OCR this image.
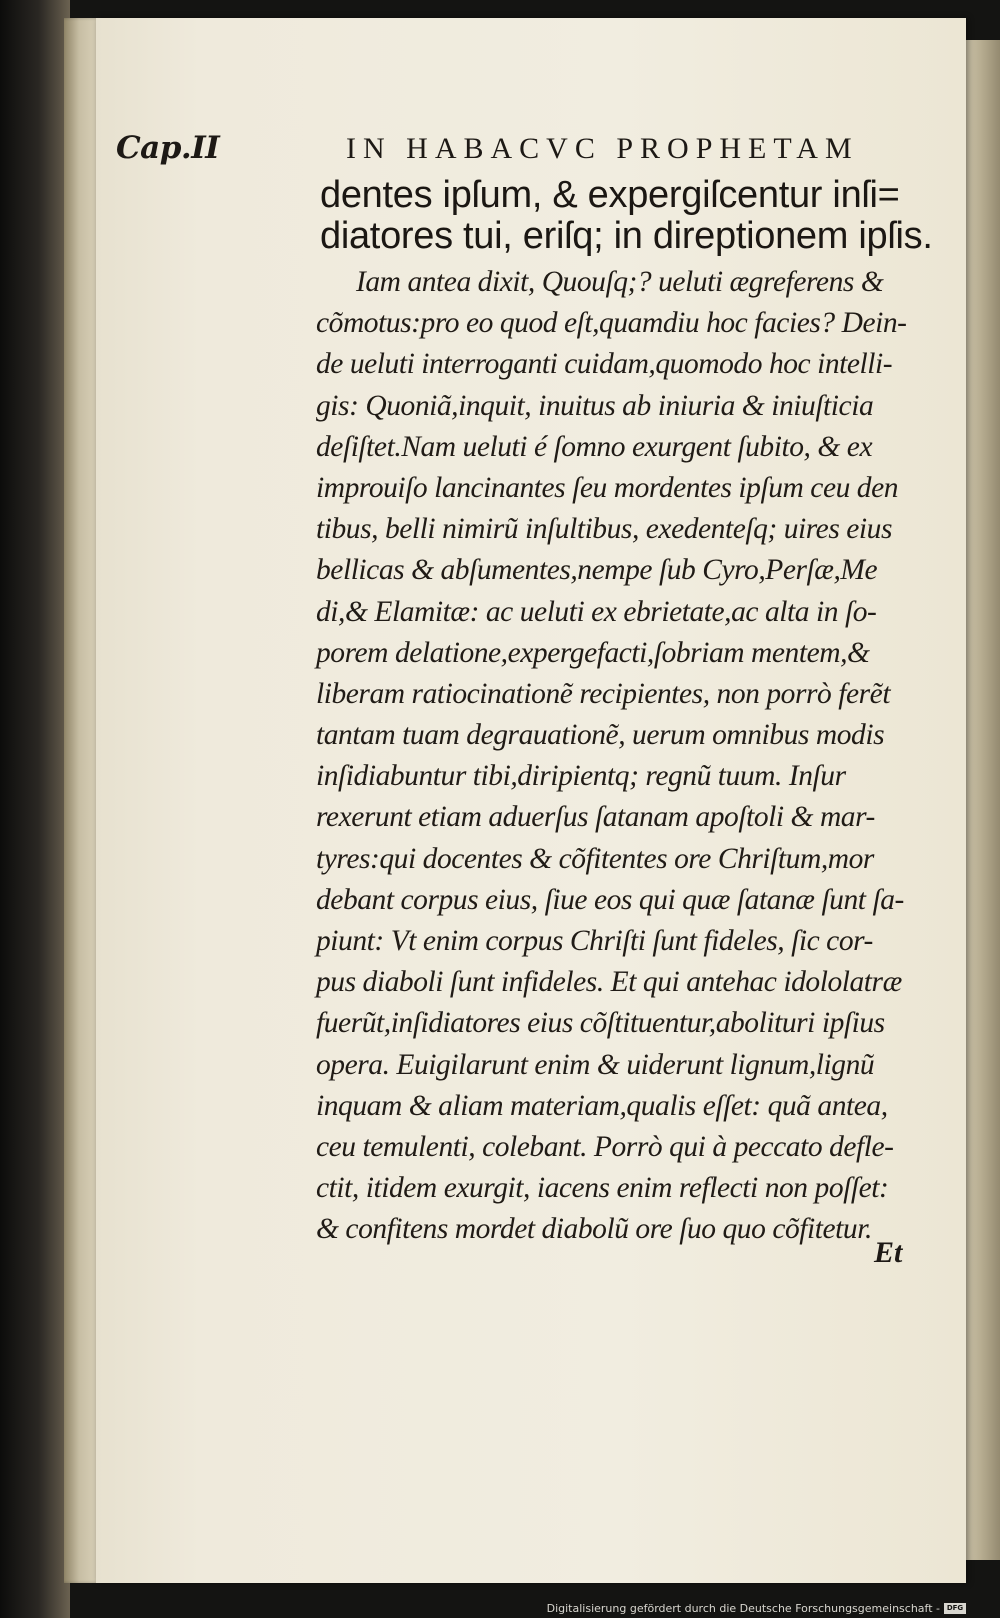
Cap.II	IN HABACVC PROPHETAM
dentes ipſum, & expergiſcentur inſi=
diatores tui, eriſq; in direptionem ipſis.
Iam antea dixit, Quouſq;? ueluti ægreferens &
cõmotus:pro eo quod eſt,quamdiu hoc facies? Dein-
de ueluti interroganti cuidam,quomodo hoc intelli-
gis: Quoniã,inquit, inuitus ab iniuria & iniuſticia
deſiſtet.Nam ueluti é ſomno exurgent ſubito, & ex
improuiſo lancinantes ſeu mordentes ipſum ceu den
tibus, belli nimirũ inſultibus, exedenteſq; uires eius
bellicas & abſumentes,nempe ſub Cyro,Perſæ,Me
di,& Elamitæ: ac ueluti ex ebrietate,ac alta in ſo-
porem delatione,expergefacti,ſobriam mentem,&
liberam ratiocinationẽ recipientes, non porrò ferẽt
tantam tuam degrauationẽ, uerum omnibus modis
inſidiabuntur tibi,diripientq; regnũ tuum. Inſur
rexerunt etiam aduerſus ſatanam apoſtoli & mar-
tyres:qui docentes & cõfitentes ore Chriſtum,mor
debant corpus eius, ſiue eos qui quæ ſatanæ ſunt ſa-
piunt: Vt enim corpus Chriſti ſunt fideles, ſic cor-
pus diaboli ſunt infideles. Et qui antehac idololatræ
fuerũt,inſidiatores eius cõſtituentur,abolituri ipſius
opera. Euigilarunt enim & uiderunt lignum,lignũ
inquam & aliam materiam,qualis eſſet: quã antea,
ceu temulenti, colebant. Porrò qui à peccato defle-
ctit, itidem exurgit, iacens enim reflecti non poſſet:
& confitens mordet diabolũ ore ſuo quo cõfitetur.
Et
Digitalisierung gefördert durch die Deutsche Forschungsgemeinschaft - DFG
